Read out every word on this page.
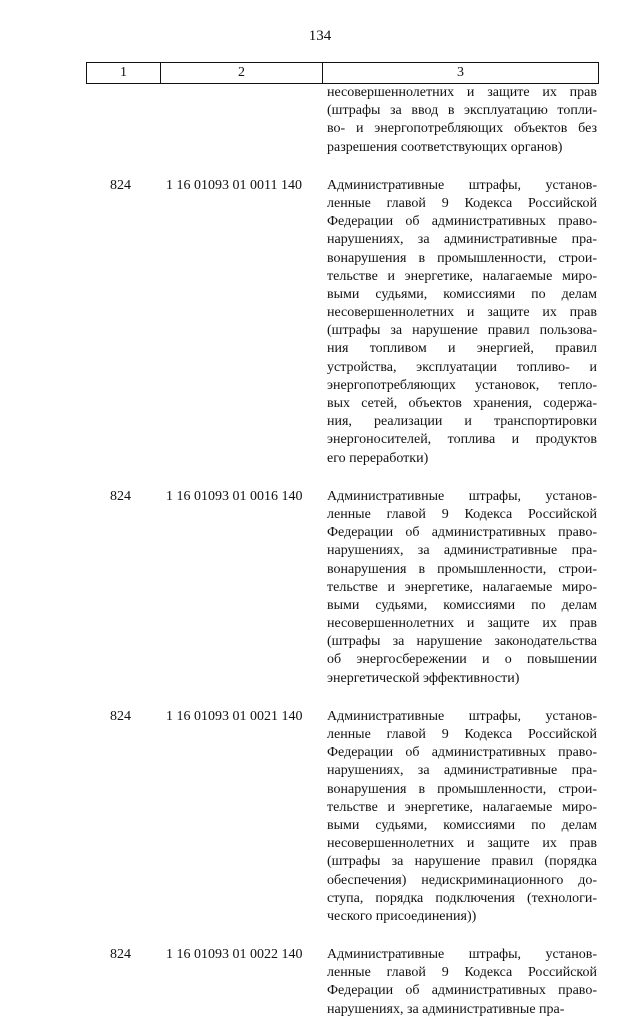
134
1	2	3
несовершеннолетних и защите их прав
(штрафы за ввод в эксплуатацию топли-
во- и энергопотребляющих объектов без
разрешения соответствующих органов)
824	1 16 01093 01 0011 140	Административные штрафы, установ-
ленные главой 9 Кодекса Российской
Федерации об административных право-
нарушениях, за административные пра-
вонарушения в промышленности, строи-
тельстве и энергетике, налагаемые миро-
выми судьями, комиссиями по делам
несовершеннолетних и защите их прав
(штрафы за нарушение правил пользова-
ния топливом и энергией, правил
устройства, эксплуатации топливо- и
энергопотребляющих установок, тепло-
вых сетей, объектов хранения, содержа-
ния, реализации и транспортировки
энергоносителей, топлива и продуктов
его переработки)
824	1 16 01093 01 0016 140	Административные штрафы, установ-
ленные главой 9 Кодекса Российской
Федерации об административных право-
нарушениях, за административные пра-
вонарушения в промышленности, строи-
тельстве и энергетике, налагаемые миро-
выми судьями, комиссиями по делам
несовершеннолетних и защите их прав
(штрафы за нарушение законодательства
об энергосбережении и о повышении
энергетической эффективности)
824	1 16 01093 01 0021 140	Административные штрафы, установ-
ленные главой 9 Кодекса Российской
Федерации об административных право-
нарушениях, за административные пра-
вонарушения в промышленности, строи-
тельстве и энергетике, налагаемые миро-
выми судьями, комиссиями по делам
несовершеннолетних и защите их прав
(штрафы за нарушение правил (порядка
обеспечения) недискриминационного до-
ступа, порядка подключения (технологи-
ческого присоединения))
824	1 16 01093 01 0022 140	Административные штрафы, установ-
ленные главой 9 Кодекса Российской
Федерации об административных право-
нарушениях, за административные пра-
